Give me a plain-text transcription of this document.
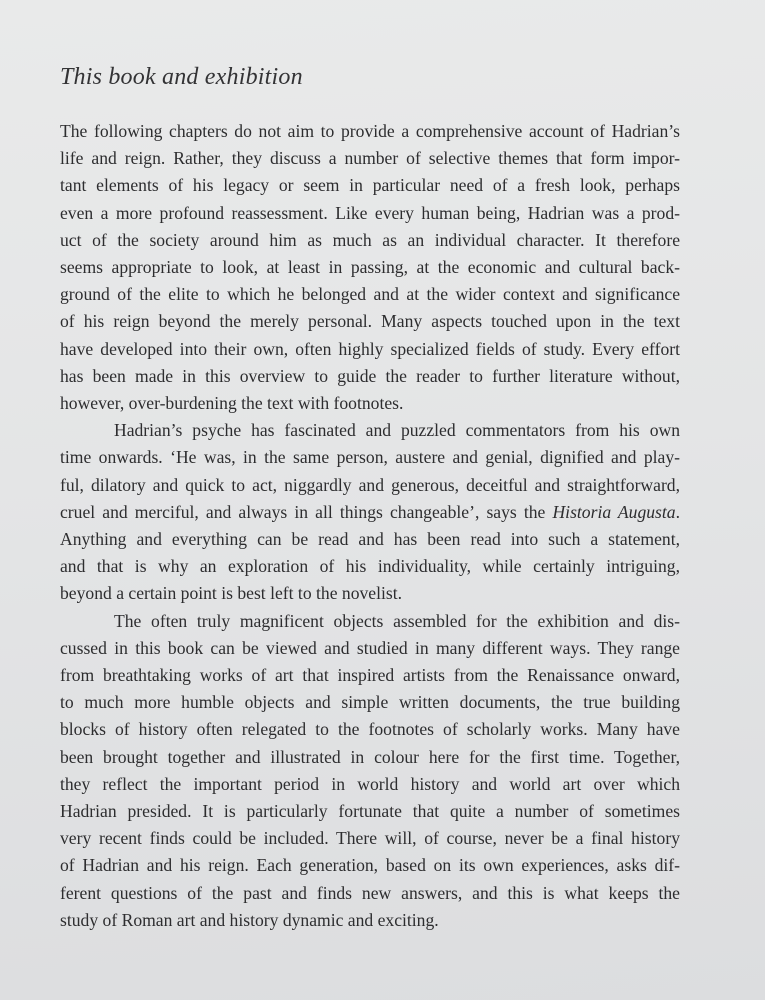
This book and exhibition
The following chapters do not aim to provide a comprehensive account of Hadrian’s
life and reign. Rather, they discuss a number of selective themes that form impor-
tant elements of his legacy or seem in particular need of a fresh look, perhaps
even a more profound reassessment. Like every human being, Hadrian was a prod-
uct of the society around him as much as an individual character. It therefore
seems appropriate to look, at least in passing, at the economic and cultural back-
ground of the elite to which he belonged and at the wider context and significance
of his reign beyond the merely personal. Many aspects touched upon in the text
have developed into their own, often highly specialized fields of study. Every effort
has been made in this overview to guide the reader to further literature without,
however, over-burdening the text with footnotes.
Hadrian’s psyche has fascinated and puzzled commentators from his own
time onwards. ‘He was, in the same person, austere and genial, dignified and play-
ful, dilatory and quick to act, niggardly and generous, deceitful and straightforward,
cruel and merciful, and always in all things changeable’, says the Historia Augusta.
Anything and everything can be read and has been read into such a statement,
and that is why an exploration of his individuality, while certainly intriguing,
beyond a certain point is best left to the novelist.
The often truly magnificent objects assembled for the exhibition and dis-
cussed in this book can be viewed and studied in many different ways. They range
from breathtaking works of art that inspired artists from the Renaissance onward,
to much more humble objects and simple written documents, the true building
blocks of history often relegated to the footnotes of scholarly works. Many have
been brought together and illustrated in colour here for the first time. Together,
they reflect the important period in world history and world art over which
Hadrian presided. It is particularly fortunate that quite a number of sometimes
very recent finds could be included. There will, of course, never be a final history
of Hadrian and his reign. Each generation, based on its own experiences, asks dif-
ferent questions of the past and finds new answers, and this is what keeps the
study of Roman art and history dynamic and exciting.
